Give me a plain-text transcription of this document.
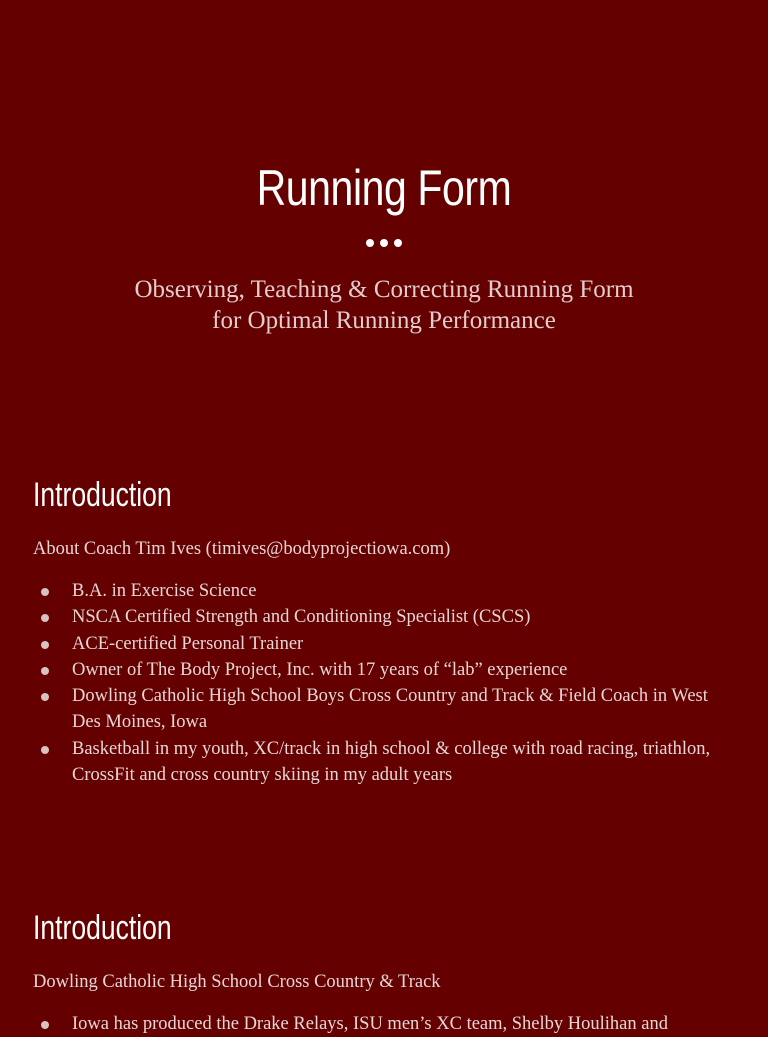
Running Form
Observing, Teaching & Correcting Running Form
for Optimal Running Performance
Introduction
About Coach Tim Ives (timives@bodyprojectiowa.com)
B.A. in Exercise Science
NSCA Certified Strength and Conditioning Specialist (CSCS)
ACE-certified Personal Trainer
Owner of The Body Project, Inc. with 17 years of “lab” experience
Dowling Catholic High School Boys Cross Country and Track & Field Coach in West Des Moines, Iowa
Basketball in my youth, XC/track in high school & college with road racing, triathlon, CrossFit and cross country skiing in my adult years
Introduction
Dowling Catholic High School Cross Country & Track
Iowa has produced the Drake Relays, ISU men’s XC team, Shelby Houlihan and
